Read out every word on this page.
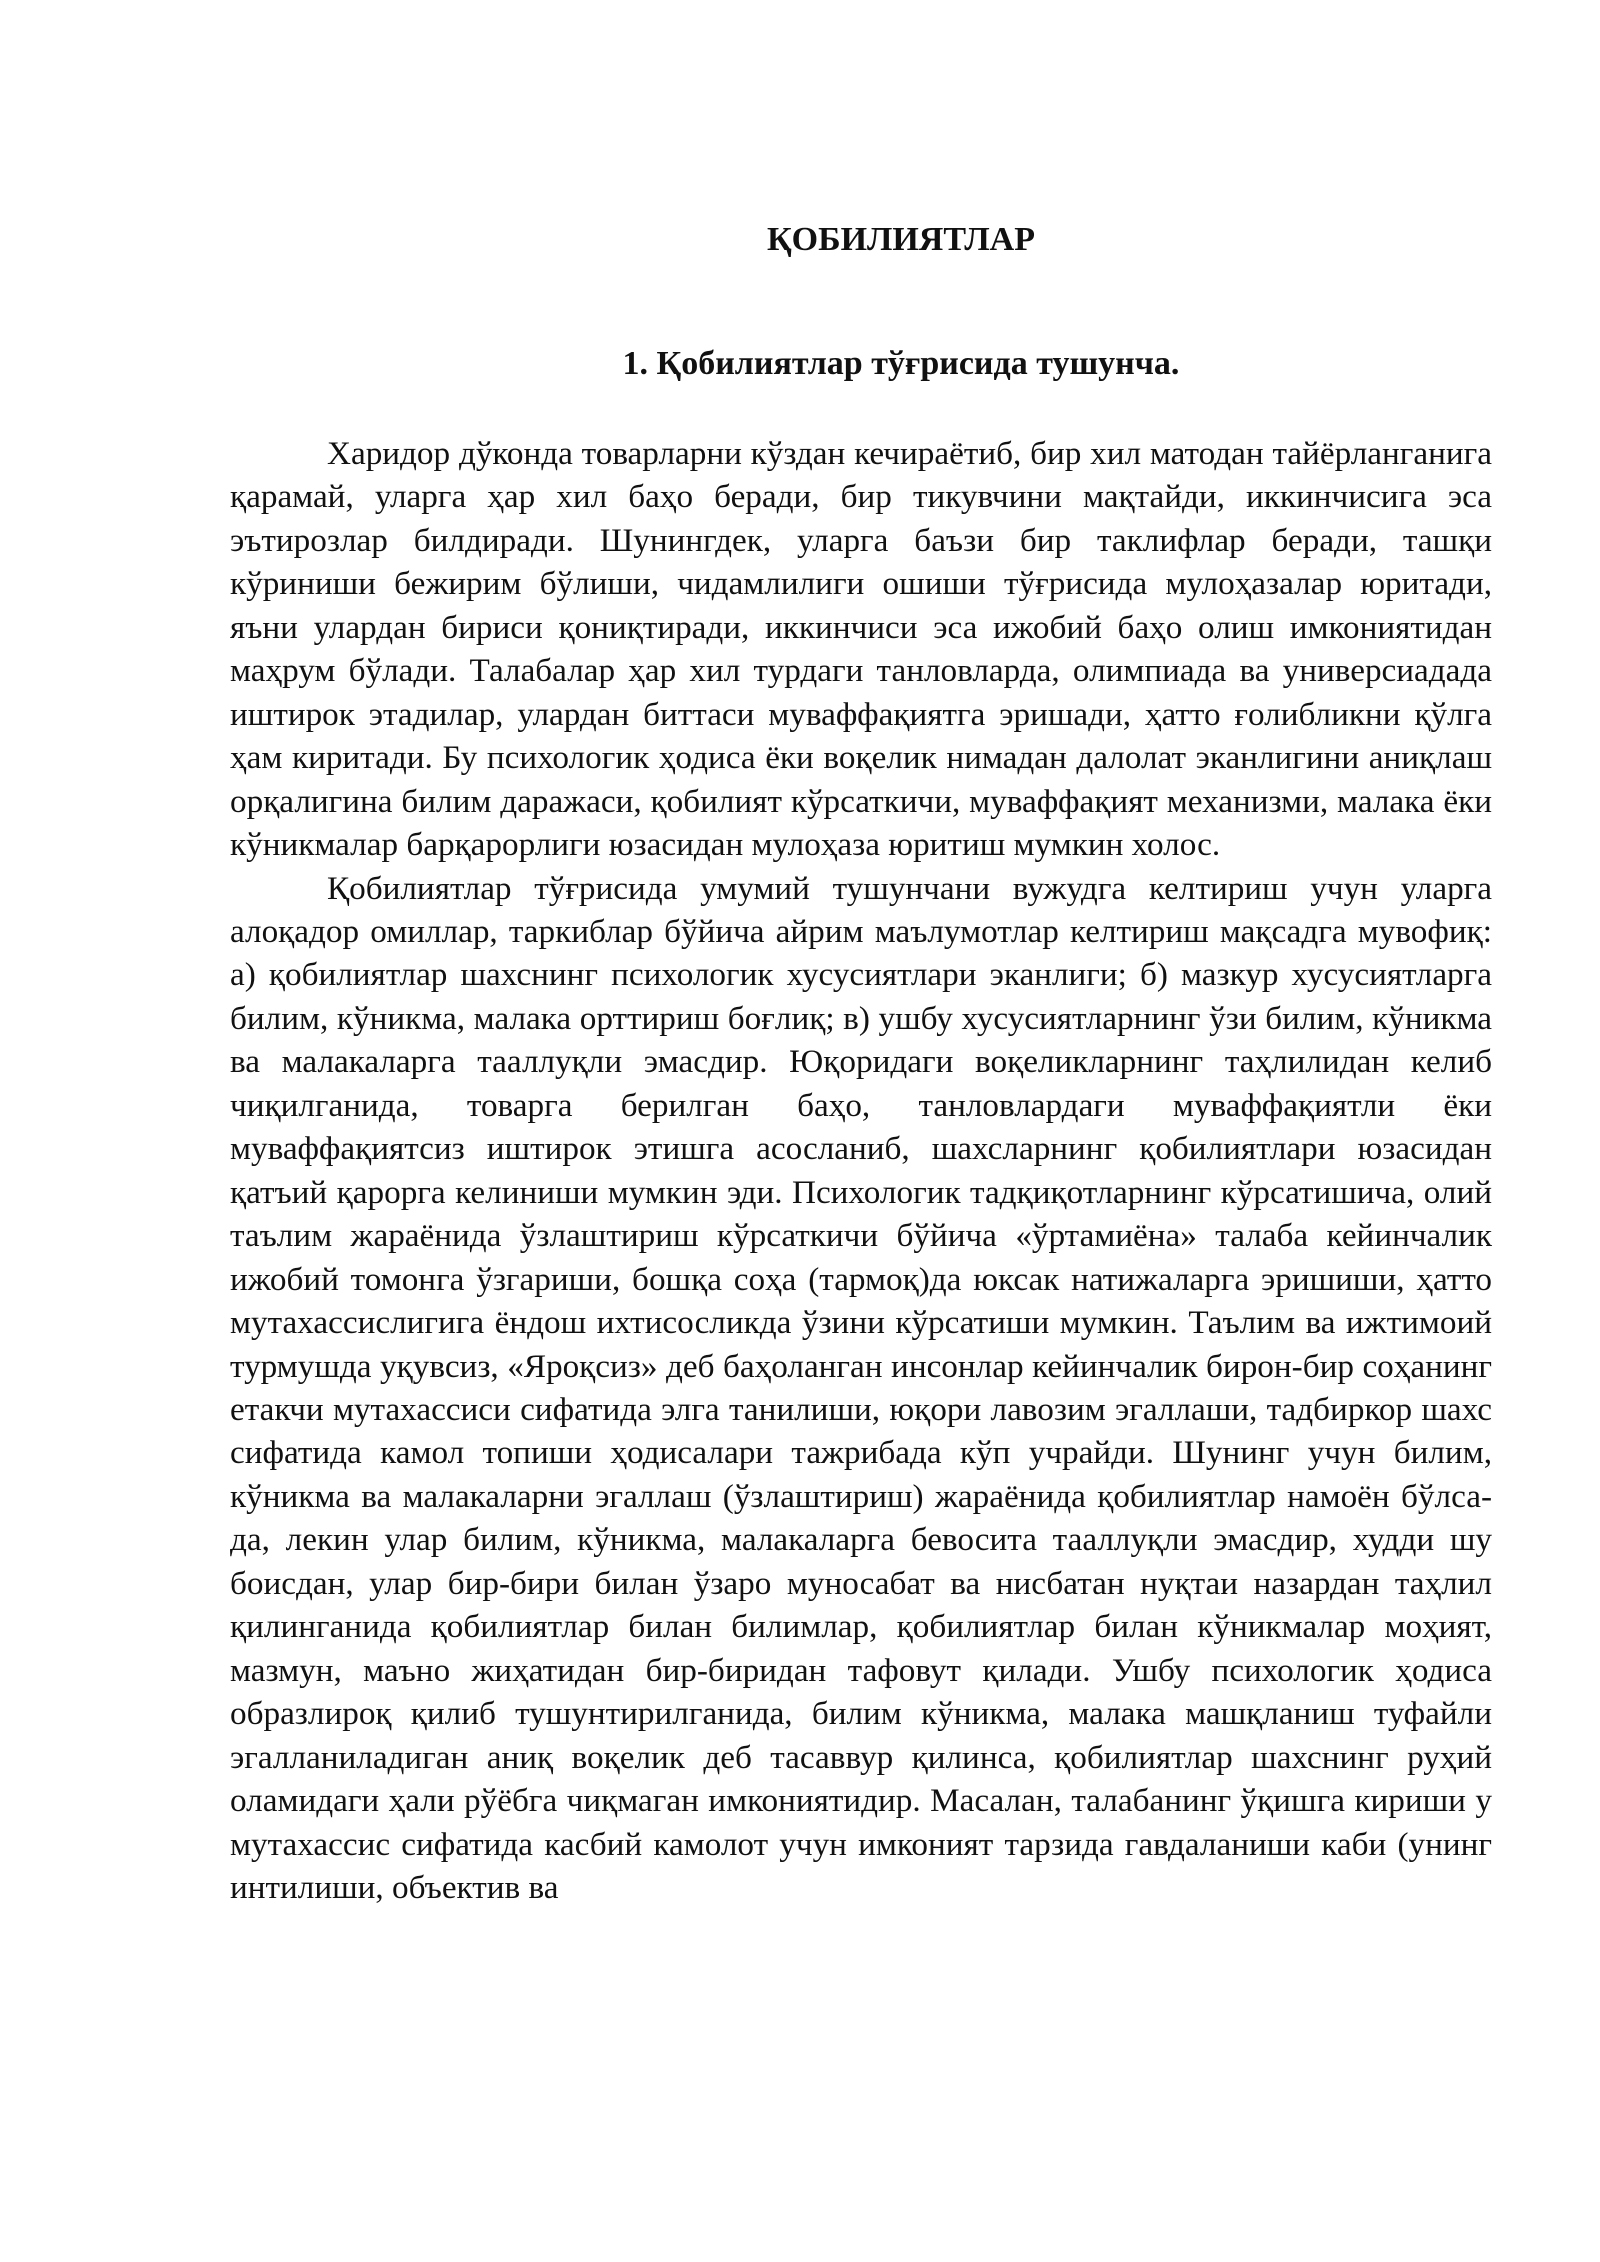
ҚОБИЛИЯТЛАР
1. Қобилиятлар тўғрисида тушунча.

Харидор дўконда товарларни кўздан кечираётиб, бир хил матодан тайёрланганига қарамай, уларга ҳар хил баҳо беради, бир тикувчини мақтайди, иккинчисига эса эътирозлар билдиради. Шунингдек, уларга баъзи бир таклифлар беради, ташқи кўриниши бежирим бўлиши, чидамлилиги ошиши тўғрисида мулоҳазалар юритади, яъни улардан бириси қониқтиради, иккинчиси эса ижобий баҳо олиш имкониятидан маҳрум бўлади. Талабалар ҳар хил турдаги танловларда, олимпиада ва универсиадада иштирок этадилар, улардан биттаси муваффақиятга эришади, ҳатто ғолибликни қўлга ҳам киритади. Бу психологик ҳодиса ёки воқелик нимадан далолат эканлигини аниқлаш орқалигина билим даражаси, қобилият кўрсаткичи, муваффақият механизми, малака ёки кўникмалар барқарорлиги юзасидан мулоҳаза юритиш мумкин холос.

Қобилиятлар тўғрисида умумий тушунчани вужудга келтириш учун уларга алоқадор омиллар, таркиблар бўйича айрим маълумотлар келтириш мақсадга мувофиқ: а) қобилиятлар шахснинг психологик хусусиятлари эканлиги; б) мазкур хусусиятларга билим, кўникма, малака орттириш боғлиқ; в) ушбу хусусиятларнинг ўзи билим, кўникма ва малакаларга тааллуқли эмасдир. Юқоридаги воқеликларнинг таҳлилидан келиб чиқилганида, товарга берилган баҳо, танловлардаги муваффақиятли ёки муваффақиятсиз иштирок этишга асосланиб, шахсларнинг қобилиятлари юзасидан қатъий қарорга келиниши мумкин эди. Психологик тадқиқотларнинг кўрсатишича, олий таълим жараёнида ўзлаштириш кўрсаткичи бўйича «ўртамиёна» талаба кейинчалик ижобий томонга ўзгариши, бошқа соҳа (тармоқ)да юксак натижаларга эришиши, ҳатто мутахассислигига ёндош ихтисосликда ўзини кўрсатиши мумкин. Таълим ва ижтимоий турмушда уқувсиз, «Яроқсиз» деб баҳоланган инсонлар кейинчалик бирон-бир соҳанинг етакчи мутахассиси сифатида элга танилиши, юқори лавозим эгаллаши, тадбиркор шахс сифатида камол топиши ҳодисалари тажрибада кўп учрайди. Шунинг учун билим, кўникма ва малакаларни эгаллаш (ўзлаштириш) жараёнида қобилиятлар намоён бўлса-да, лекин улар билим, кўникма, малакаларга бевосита тааллуқли эмасдир, худди шу боисдан, улар бир-бири билан ўзаро муносабат ва нисбатан нуқтаи назардан таҳлил қилинганида қобилиятлар билан билимлар, қобилиятлар билан кўникмалар моҳият, мазмун, маъно жиҳатидан бир-биридан тафовут қилади. Ушбу психологик ҳодиса образлироқ қилиб тушунтирилганида, билим кўникма, малака машқланиш туфайли эгалланиладиган аниқ воқелик деб тасаввур қилинса, қобилиятлар шахснинг руҳий оламидаги ҳали рўёбга чиқмаган имкониятидир. Масалан, талабанинг ўқишга кириши у мутахассис сифатида касбий камолот учун имконият тарзида гавдаланиши каби (унинг интилиши, объектив ва
